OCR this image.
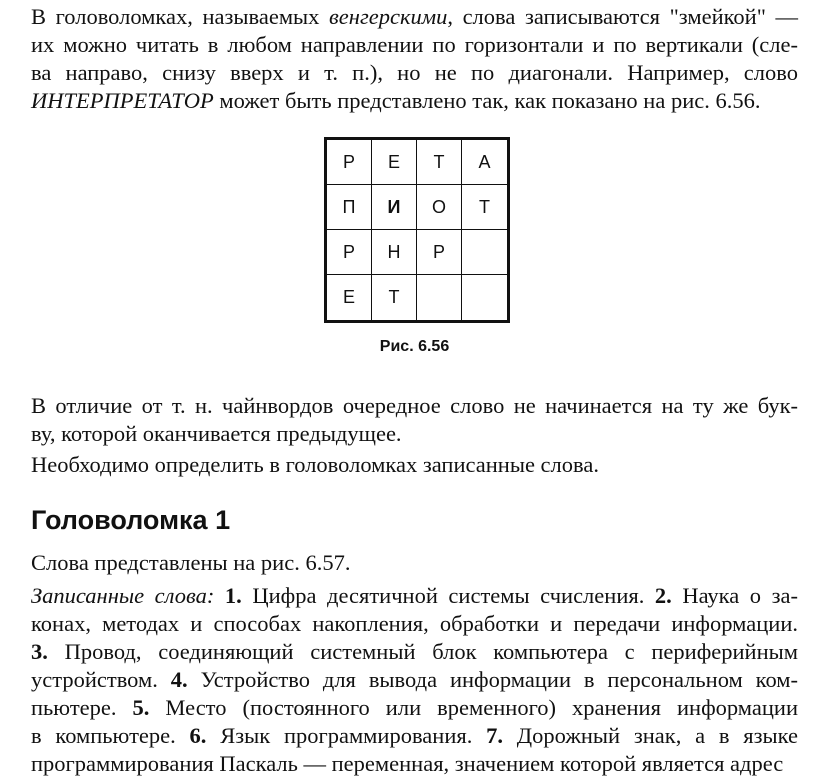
В головоломках, называемых венгерскими, слова записываются "змейкой" —
их можно читать в любом направлении по горизонтали и по вертикали (сле-
ва направо, снизу вверх и т. п.), но не по диагонали. Например, слово
ИНТЕРПРЕТАТОР может быть представлено так, как показано на рис. 6.56.
Р	Е	Т	А
П	И	О	Т
Р	Н	Р
Е	Т
Рис. 6.56
В отличие от т. н. чайнвордов очередное слово не начинается на ту же бук-
ву, которой оканчивается предыдущее.
Необходимо определить в головоломках записанные слова.
Головоломка 1
Слова представлены на рис. 6.57.
Записанные слова: 1. Цифра десятичной системы счисления. 2. Наука о за-
конах, методах и способах накопления, обработки и передачи информации.
3. Провод, соединяющий системный блок компьютера с периферийным
устройством. 4. Устройство для вывода информации в персональном ком-
пьютере. 5. Место (постоянного или временного) хранения информации
в компьютере. 6. Язык программирования. 7. Дорожный знак, а в языке
программирования Паскаль — переменная, значением которой является адрес
